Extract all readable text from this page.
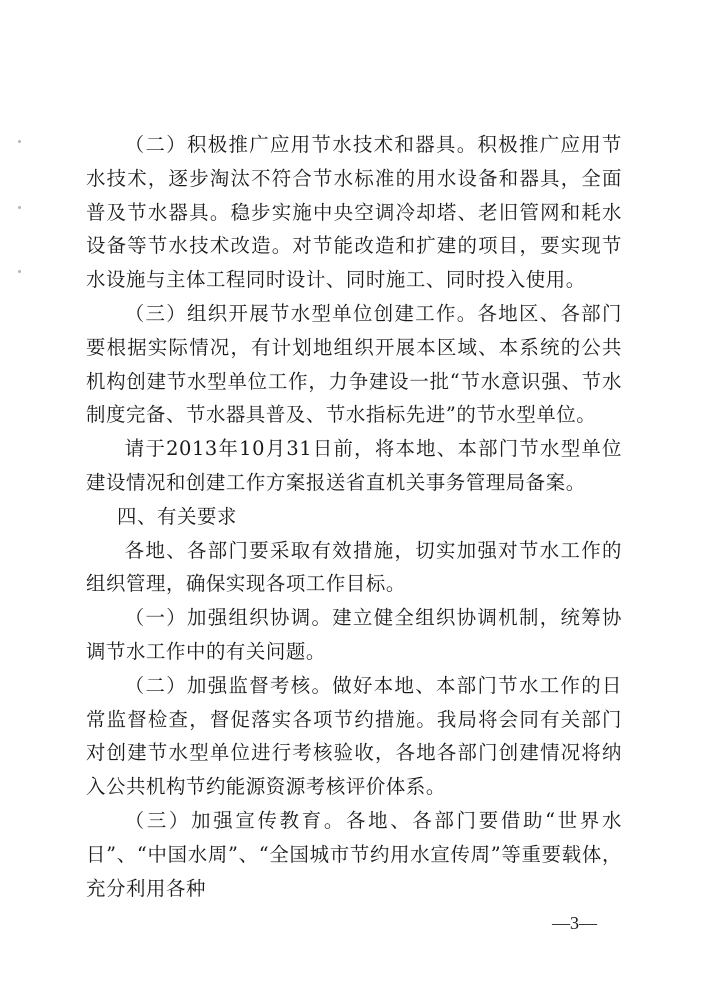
（二）积极推广应用节水技术和器具。积极推广应用节水技术，逐步淘汰不符合节水标准的用水设备和器具，全面普及节水器具。稳步实施中央空调冷却塔、老旧管网和耗水设备等节水技术改造。对节能改造和扩建的项目，要实现节水设施与主体工程同时设计、同时施工、同时投入使用。

（三）组织开展节水型单位创建工作。各地区、各部门要根据实际情况，有计划地组织开展本区域、本系统的公共机构创建节水型单位工作，力争建设一批“节水意识强、节水制度完备、节水器具普及、节水指标先进”的节水型单位。

请于2013年10月31日前，将本地、本部门节水型单位建设情况和创建工作方案报送省直机关事务管理局备案。

四、有关要求

各地、各部门要采取有效措施，切实加强对节水工作的组织管理，确保实现各项工作目标。

（一）加强组织协调。建立健全组织协调机制，统筹协调节水工作中的有关问题。

（二）加强监督考核。做好本地、本部门节水工作的日常监督检查，督促落实各项节约措施。我局将会同有关部门对创建节水型单位进行考核验收，各地各部门创建情况将纳入公共机构节约能源资源考核评价体系。

（三）加强宣传教育。各地、各部门要借助“世界水日”、“中国水周”、“全国城市节约用水宣传周”等重要载体，充分利用各种

—3—
